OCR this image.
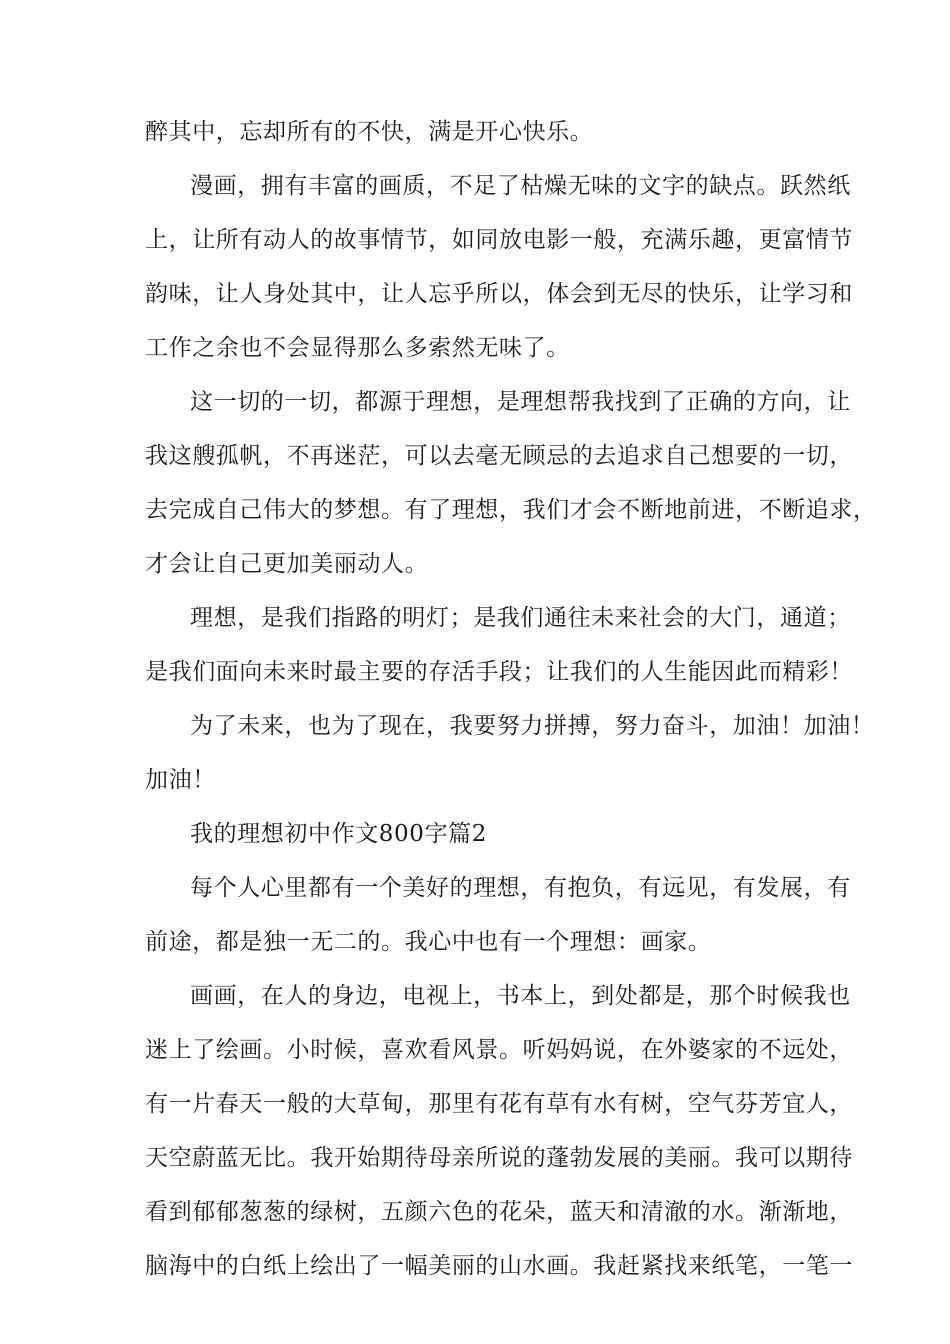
醉其中，忘却所有的不快，满是开心快乐。
漫画，拥有丰富的画质，不足了枯燥无味的文字的缺点。跃然纸
上，让所有动人的故事情节，如同放电影一般，充满乐趣，更富情节
韵味，让人身处其中，让人忘乎所以，体会到无尽的快乐，让学习和
工作之余也不会显得那么多索然无味了。
这一切的一切，都源于理想，是理想帮我找到了正确的方向，让
我这艘孤帆，不再迷茫，可以去毫无顾忌的去追求自己想要的一切，
去完成自己伟大的梦想。有了理想，我们才会不断地前进，不断追求，
才会让自己更加美丽动人。
理想，是我们指路的明灯；是我们通往未来社会的大门，通道；
是我们面向未来时最主要的存活手段；让我们的人生能因此而精彩！
为了未来，也为了现在，我要努力拼搏，努力奋斗，加油！加油！
加油！
我的理想初中作文800字篇2
每个人心里都有一个美好的理想，有抱负，有远见，有发展，有
前途，都是独一无二的。我心中也有一个理想：画家。
画画，在人的身边，电视上，书本上，到处都是，那个时候我也
迷上了绘画。小时候，喜欢看风景。听妈妈说，在外婆家的不远处，
有一片春天一般的大草甸，那里有花有草有水有树，空气芬芳宜人，
天空蔚蓝无比。我开始期待母亲所说的蓬勃发展的美丽。我可以期待
看到郁郁葱葱的绿树，五颜六色的花朵，蓝天和清澈的水。渐渐地，
脑海中的白纸上绘出了一幅美丽的山水画。我赶紧找来纸笔，一笔一
